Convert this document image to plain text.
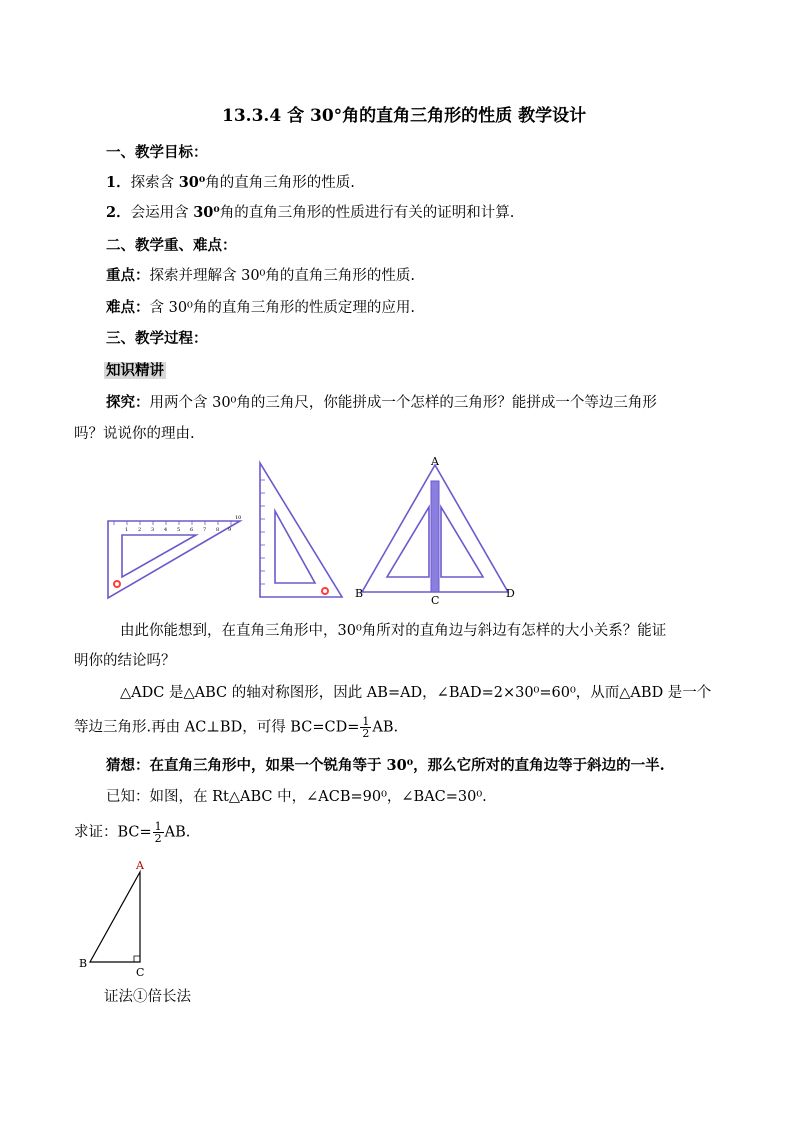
13.3.4 含 30°角的直角三角形的性质 教学设计
一、教学目标：
1．探索含 30⁰角的直角三角形的性质.
2．会运用含 30⁰角的直角三角形的性质进行有关的证明和计算.
二、教学重、难点：
重点：探索并理解含 30⁰角的直角三角形的性质.
难点：含 30⁰角的直角三角形的性质定理的应用.
三、教学过程：
知识精讲
探究：用两个含 30⁰角的三角尺，你能拼成一个怎样的三角形？能拼成一个等边三角形
吗？说说你的理由.
1 2 3 4 5 6 7 8 9
10
A
B
C
D
由此你能想到，在直角三角形中，30⁰角所对的直角边与斜边有怎样的大小关系？能证
明你的结论吗？
△ADC 是△ABC 的轴对称图形，因此 AB=AD，∠BAD=2×30⁰=60⁰，从而△ABD 是一个
等边三角形.再由 AC⊥BD，可得 $BC=CD= \frac{1}{2}$ AB.
猜想：在直角三角形中，如果一个锐角等于 30⁰，那么它所对的直角边等于斜边的一半.
已知：如图，在 Rt△ABC 中，∠ACB=90⁰，∠BAC=30⁰.
求证：$BC= \frac{1}{2}$ AB.
A
B
C
证法①倍长法
